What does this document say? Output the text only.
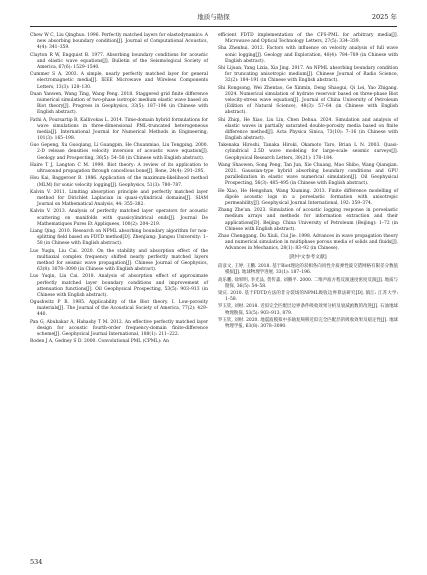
地质与勘探	2025 年

Chew W C, Liu Qinghuo. 1996. Perfectly matched layers for elastodynamics: A new absorbing boundary condition[J]. Journal of Computational Acoustics, 4(4): 341–359.

Clayton R W, Engquist B. 1977. Absorbing boundary conditions for acoustic and elastic wave equations[J]. Bulletin of the Seismological Society of America, 67(6): 1529–1540.

Cummer S A. 2003. A simple, nearly perfectly matched layer for general electromagnetic media[J]. IEEE Microwave and Wireless Components Letters, 13(3): 128–130.

Duan Yanwen, Wang Ting, Wang Peng. 2018. Staggered grid finite difference numerical simulation of two-phase isotropic medium elastic wave based on Biot theory[J]. Progress in Geophysics, 33(5): 187–196 (in Chinese with English abstract).

Fathi A, Poursartip B, Kallivokas L. 2014. Time-domain hybrid formulations for wave simulations in three-dimensional PML-truncated heterogeneous media[J]. International Journal for Numerical Methods in Engineering, 101(3): 165–198.

Guo Gepeng, Xu Guoqiang, Li Guangpin, He Chuanmiao, Liu Tengping. 2000. 2-D release densities velocity inversion of acoustic wave equation[J]. Geology and Prospecting, 36(5): 54–58 (in Chinese with English abstract).

Haire T J, Langton C M. 1999. Biot theory: A review of its application to ultrasound propagation through cancellous bone[J]. Bone, 24(4): 291–295.

Hsu Kai, Baggeroer B. 1986. Application of the maximum-likelihood method (MLM) for sonic velocity logging[J]. Geophysics, 51(3): 780–787.

Kalvin V. 2011. Limiting absorption principle and perfectly matched layer method for Dirichlet Laplacian in quasi-cylindrical domains[J]. SIAM Journal on Mathematical Analysis, 44: 355–382.

Kalvin V. 2013. Analysis of perfectly matched layer operators for acoustic scattering on manifolds with quasicylindrical ends[J]. Journal De Mathematiques Pures Et Appliquees, 100(2): 204–219.

Liang Qing. 2010. Research on NPML absorbing boundary algorithm for non-splitting field based on FDTD method[D]. Zhenjiang: Jiangsu University: 1–58 (in Chinese with English abstract).

Luo Yuqin, Liu Cai. 2020. On the stability and absorption effect of the multiaxial complex frequency shifted nearly perfectly matched layers method for seismic wave propagation[J]. Chinese Journal of Geophysics, 63(8): 3078–3090 (in Chinese with English abstract).

Luo Yuqin, Liu Cai. 2018. Analysis of absorption effect of approximate perfectly matched layer boundary conditions and improvement of attenuation functions[J]. Oil Geophysical Prospecting, 53(5): 903–913 (in Chinese with English abstract).

Ogushwitz P R. 1985. Applicability of the Biot theory. I. Low-porosity materials[J]. The Journal of the Acoustical Society of America, 77(2): 429–440.

Pan G, Abubakar A, Habashy T M. 2012. An effective perfectly matched layer design for acoustic fourth-order frequency-domain finite-difference scheme[J]. Geophysical Journal International, 188(1): 211–222.

Roden J A, Gedney S D. 2000. Convolutional PML (CPML): An

efficient FDTD implementation of the CFS-PML for arbitrary media[J]. Microwave and Optical Technology Letters, 27(5): 334–339.

Sha Zhenhui. 2012. Factors with influence on velocity analysis of full wave sonic logging[J]. Geology and Exploration, 48(4): 784–789 (in Chinese with English abstract).

Shi Lijuan, Yang Lixia, Xia Jing. 2017. An NPML absorbing boundary condition for truncating anisotropic medium[J]. Chinese Journal of Radio Science, 32(2): 184–191 (in Chinese with English abstract).

Shi Rongsong, Wei Zhentao, Ge Xinmin, Deng Shaogui, Qi Lei, Yao Zhigang. 2024. Numerical simulation of hydrate reservoir based on three-phase Biot velocity-stress wave equation[J]. Journal of China University of Petroleum (Edition of Natural Science), 48(3): 57–64 (in Chinese with English abstract).

Shi Zhiqi, He Xiao, Liu Lin, Chen Dehua. 2024. Simulation and analysis of elastic waves in partially saturated double-porosity media based on finite difference method[J]. Acta Physica Sinica, 73(10): 7–16 (in Chinese with English abstract).

Takenaka Hiroshi, Tanaka Hiroki, Okamoto Taro, Brian L N. 2003. Quasi-cylindrical 2.5D wave modeling for large-scale seismic surveys[J]. Geophysical Research Letters, 30(21): 178–184.

Wang Shaowen, Song Peng, Tan Jun, Xie Chuang, Mao Shibo, Wang Qianqian. 2021. Gaussian-type hybrid absorbing boundary conditions and GPU parallelization in elastic wave numerical simulation[J]. Oil Geophysical Prospecting, 56(3): 485–495 (in Chinese with English abstract).

He Xiao, He Hengshan, Wang Xiuming. 2013. Finite difference modelling of dipole acoustic logs in a poroelastic formation with anisotropic permeability[J]. Geophysical Journal International, 192: 359–374.

Zhang Zhe'an. 2023. Simulation of acoustic logging response in poroelastic medium arrays and methods for information extraction and their applications[D]. Beijing: China University of Petroleum (Beijing): 1–72 (in Chinese with English abstract).

Zhao Chenggang, Du Xiuli, Cui Jie. 1998. Advances in wave propagation theory and numerical simulation in multiphase porous media of solids and fluids[J]. Advances in Mechanics, 28(1): 83–92 (in Chinese).

[附中文参考文献]

段彦文, 王婷, 王鹏. 2018. 基于Biot理论的双相各向同性介质弹性波交错网格有限差分数值模拟[J]. 地球物理学进展, 33(1): 187–196.

高乐鹏, 徐果明, 李光品, 贺传淼, 刘腾平. 2000. 二维声波方程反演速度密度反演[J]. 地质与勘探, 36(5): 54–58.

梁庆. 2010. 基于FDTD方法的非分裂场的NPML吸收边界算法研究[D]. 镇江: 江苏大学: 1–58.

罗玉钦, 刘财. 2018. 近似完全匹配层边界条件吸收效果分析及衰减函数的改进[J]. 石油地球物理勘探, 53(5): 903–913, 879.

罗玉钦, 刘财. 2020. 地震波模拟中多轴复频移近似完全匹配层的吸收效果及稳定性[J]. 地球物理学报, 63(8): 3078–3090.

534
